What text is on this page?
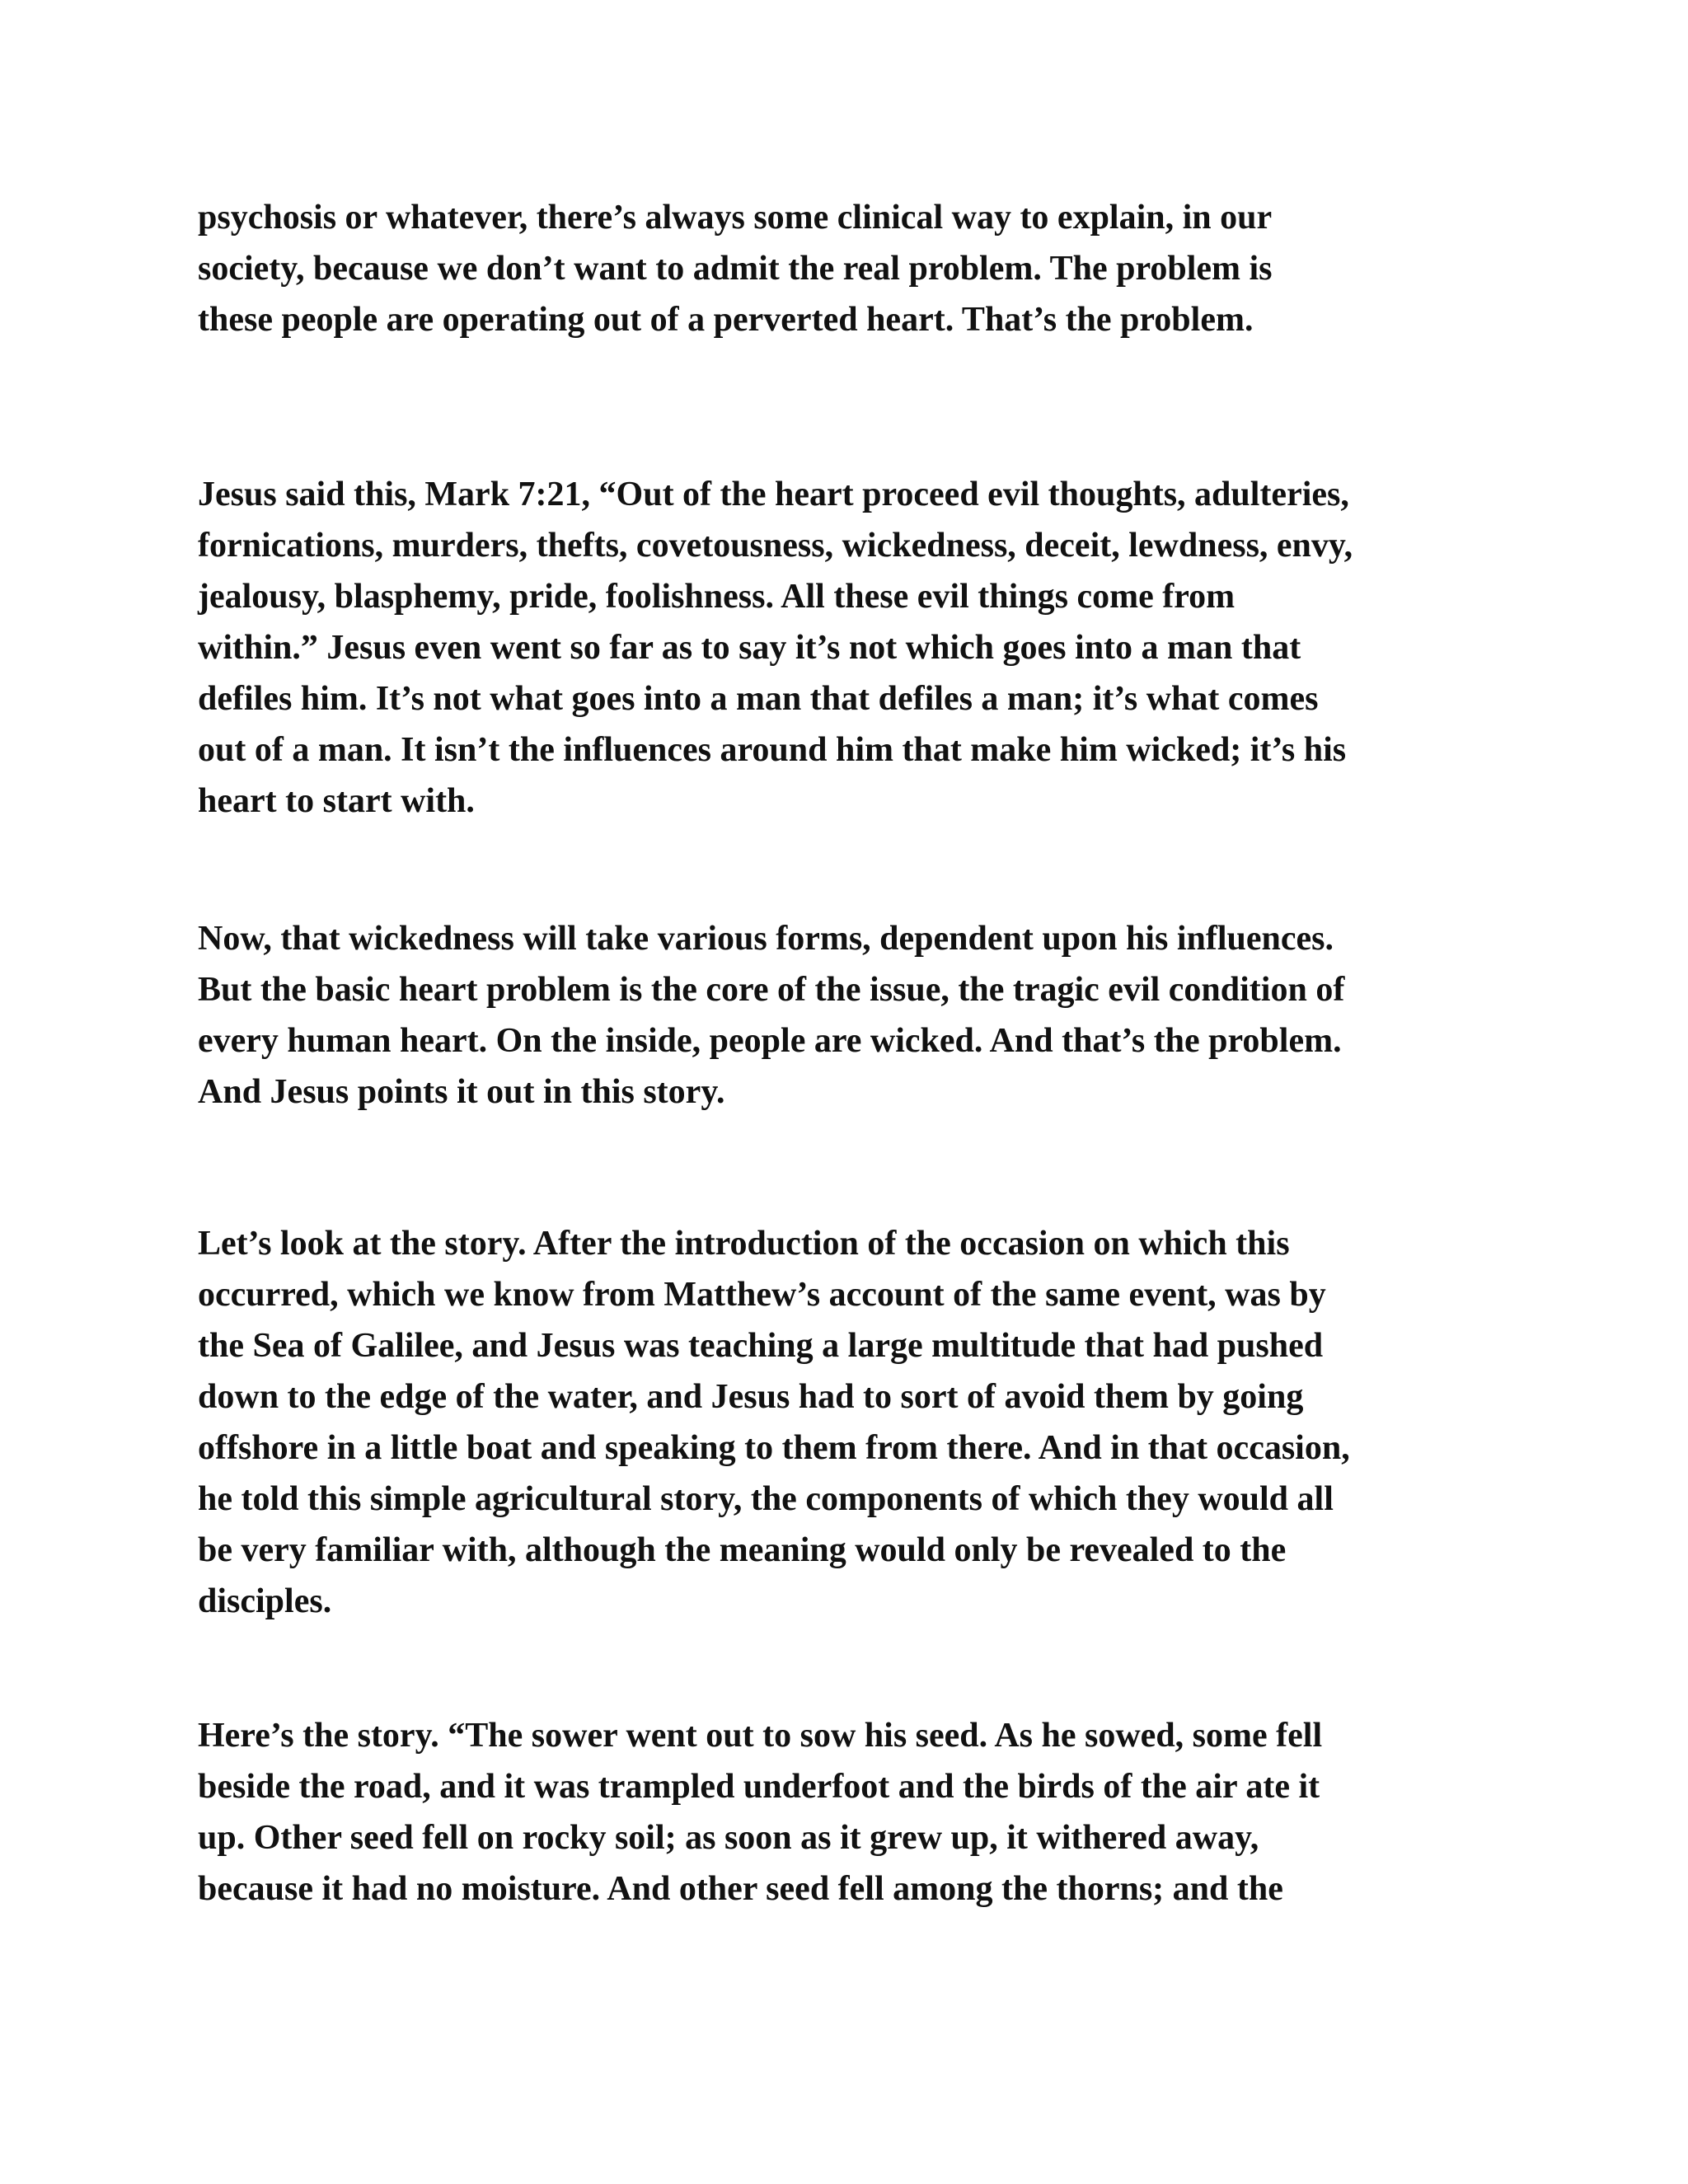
psychosis or whatever, there’s always some clinical way to explain, in our
society, because we don’t want to admit the real problem. The problem is
these people are operating out of a perverted heart. That’s the problem.

Jesus said this, Mark 7:21, “Out of the heart proceed evil thoughts, adulteries,
fornications, murders, thefts, covetousness, wickedness, deceit, lewdness, envy,
jealousy, blasphemy, pride, foolishness. All these evil things come from
within.” Jesus even went so far as to say it’s not which goes into a man that
defiles him. It’s not what goes into a man that defiles a man; it’s what comes
out of a man. It isn’t the influences around him that make him wicked; it’s his
heart to start with.

Now, that wickedness will take various forms, dependent upon his influences.
But the basic heart problem is the core of the issue, the tragic evil condition of
every human heart. On the inside, people are wicked. And that’s the problem.
And Jesus points it out in this story.

Let’s look at the story. After the introduction of the occasion on which this
occurred, which we know from Matthew’s account of the same event, was by
the Sea of Galilee, and Jesus was teaching a large multitude that had pushed
down to the edge of the water, and Jesus had to sort of avoid them by going
offshore in a little boat and speaking to them from there. And in that occasion,
he told this simple agricultural story, the components of which they would all
be very familiar with, although the meaning would only be revealed to the
disciples.

Here’s the story. “The sower went out to sow his seed. As he sowed, some fell
beside the road, and it was trampled underfoot and the birds of the air ate it
up. Other seed fell on rocky soil; as soon as it grew up, it withered away,
because it had no moisture. And other seed fell among the thorns; and the
